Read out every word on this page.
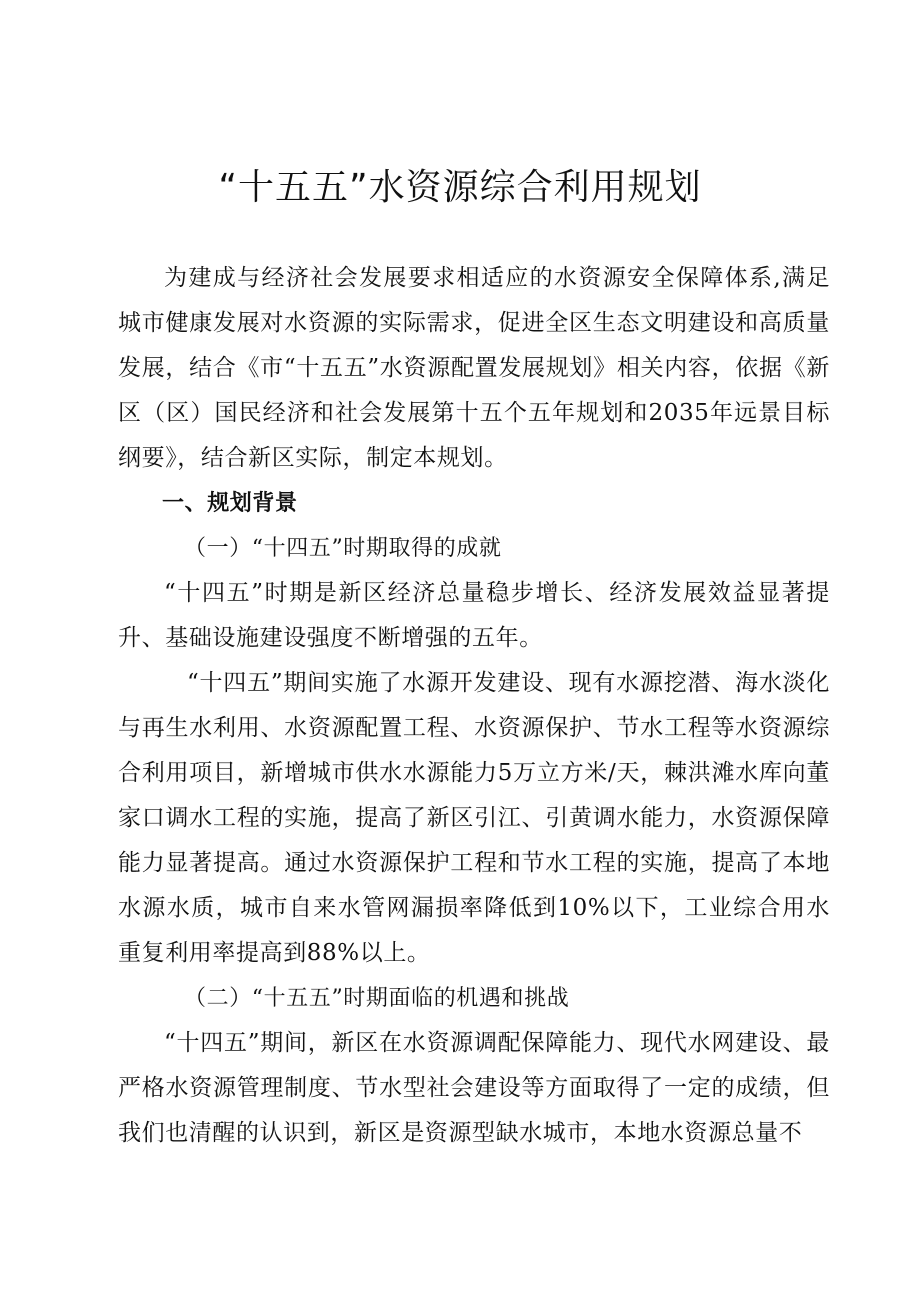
“十五五”水资源综合利用规划

为建成与经济社会发展要求相适应的水资源安全保障体系,满足城市健康发展对水资源的实际需求，促进全区生态文明建设和高质量发展，结合《市“十五五”水资源配置发展规划》相关内容，依据《新区（区）国民经济和社会发展第十五个五年规划和2035年远景目标纲要》，结合新区实际，制定本规划。

一、规划背景

（一）“十四五”时期取得的成就

“十四五”时期是新区经济总量稳步增长、经济发展效益显著提升、基础设施建设强度不断增强的五年。

“十四五”期间实施了水源开发建设、现有水源挖潜、海水淡化与再生水利用、水资源配置工程、水资源保护、节水工程等水资源综合利用项目，新增城市供水水源能力5万立方米/天，棘洪滩水库向董家口调水工程的实施，提高了新区引江、引黄调水能力，水资源保障能力显著提高。通过水资源保护工程和节水工程的实施，提高了本地水源水质，城市自来水管网漏损率降低到10%以下，工业综合用水重复利用率提高到88%以上。

（二）“十五五”时期面临的机遇和挑战

“十四五”期间，新区在水资源调配保障能力、现代水网建设、最严格水资源管理制度、节水型社会建设等方面取得了一定的成绩，但我们也清醒的认识到，新区是资源型缺水城市，本地水资源总量不
